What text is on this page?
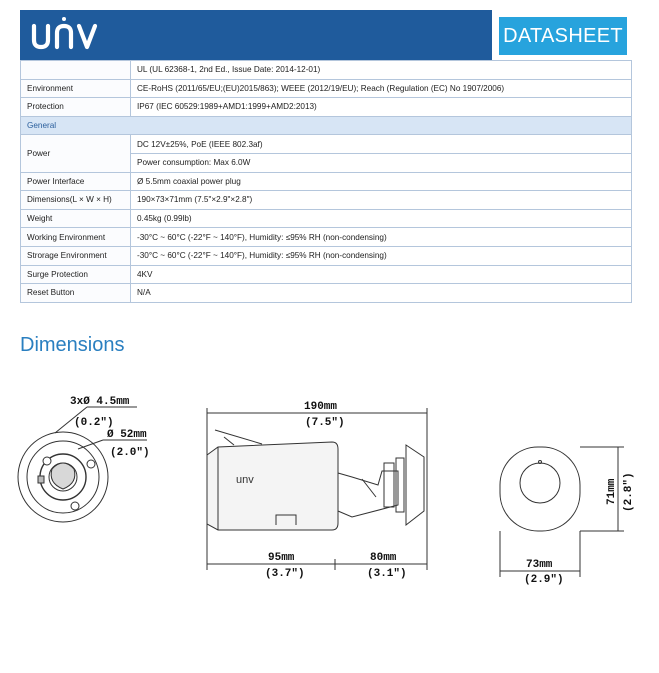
DATASHEET
	UL (UL 62368-1, 2nd Ed., Issue Date: 2014-12-01)
Environment	CE-RoHS (2011/65/EU;(EU)2015/863); WEEE (2012/19/EU); Reach (Regulation (EC) No 1907/2006)
Protection	IP67 (IEC 60529:1989+AMD1:1999+AMD2:2013)
General	
Power	DC 12V±25%, PoE (IEEE 802.3af)
	Power consumption: Max 6.0W
Power Interface	Ø 5.5mm coaxial power plug
Dimensions(L × W × H)	190×73×71mm (7.5"×2.9"×2.8")
Weight	0.45kg (0.99lb)
Working Environment	-30°C ~ 60°C (-22°F ~ 140°F), Humidity: ≤95% RH (non-condensing)
Strorage Environment	-30°C ~ 60°C (-22°F ~ 140°F), Humidity: ≤95% RH (non-condensing)
Surge Protection	4KV
Reset Button	N/A
Dimensions
3xØ 4.5mm
(0.2")
Ø 52mm
(2.0")
unv
190mm
(7.5")
95mm
(3.7")
80mm
(3.1")
73mm
(2.9")
71mm (2.8")
